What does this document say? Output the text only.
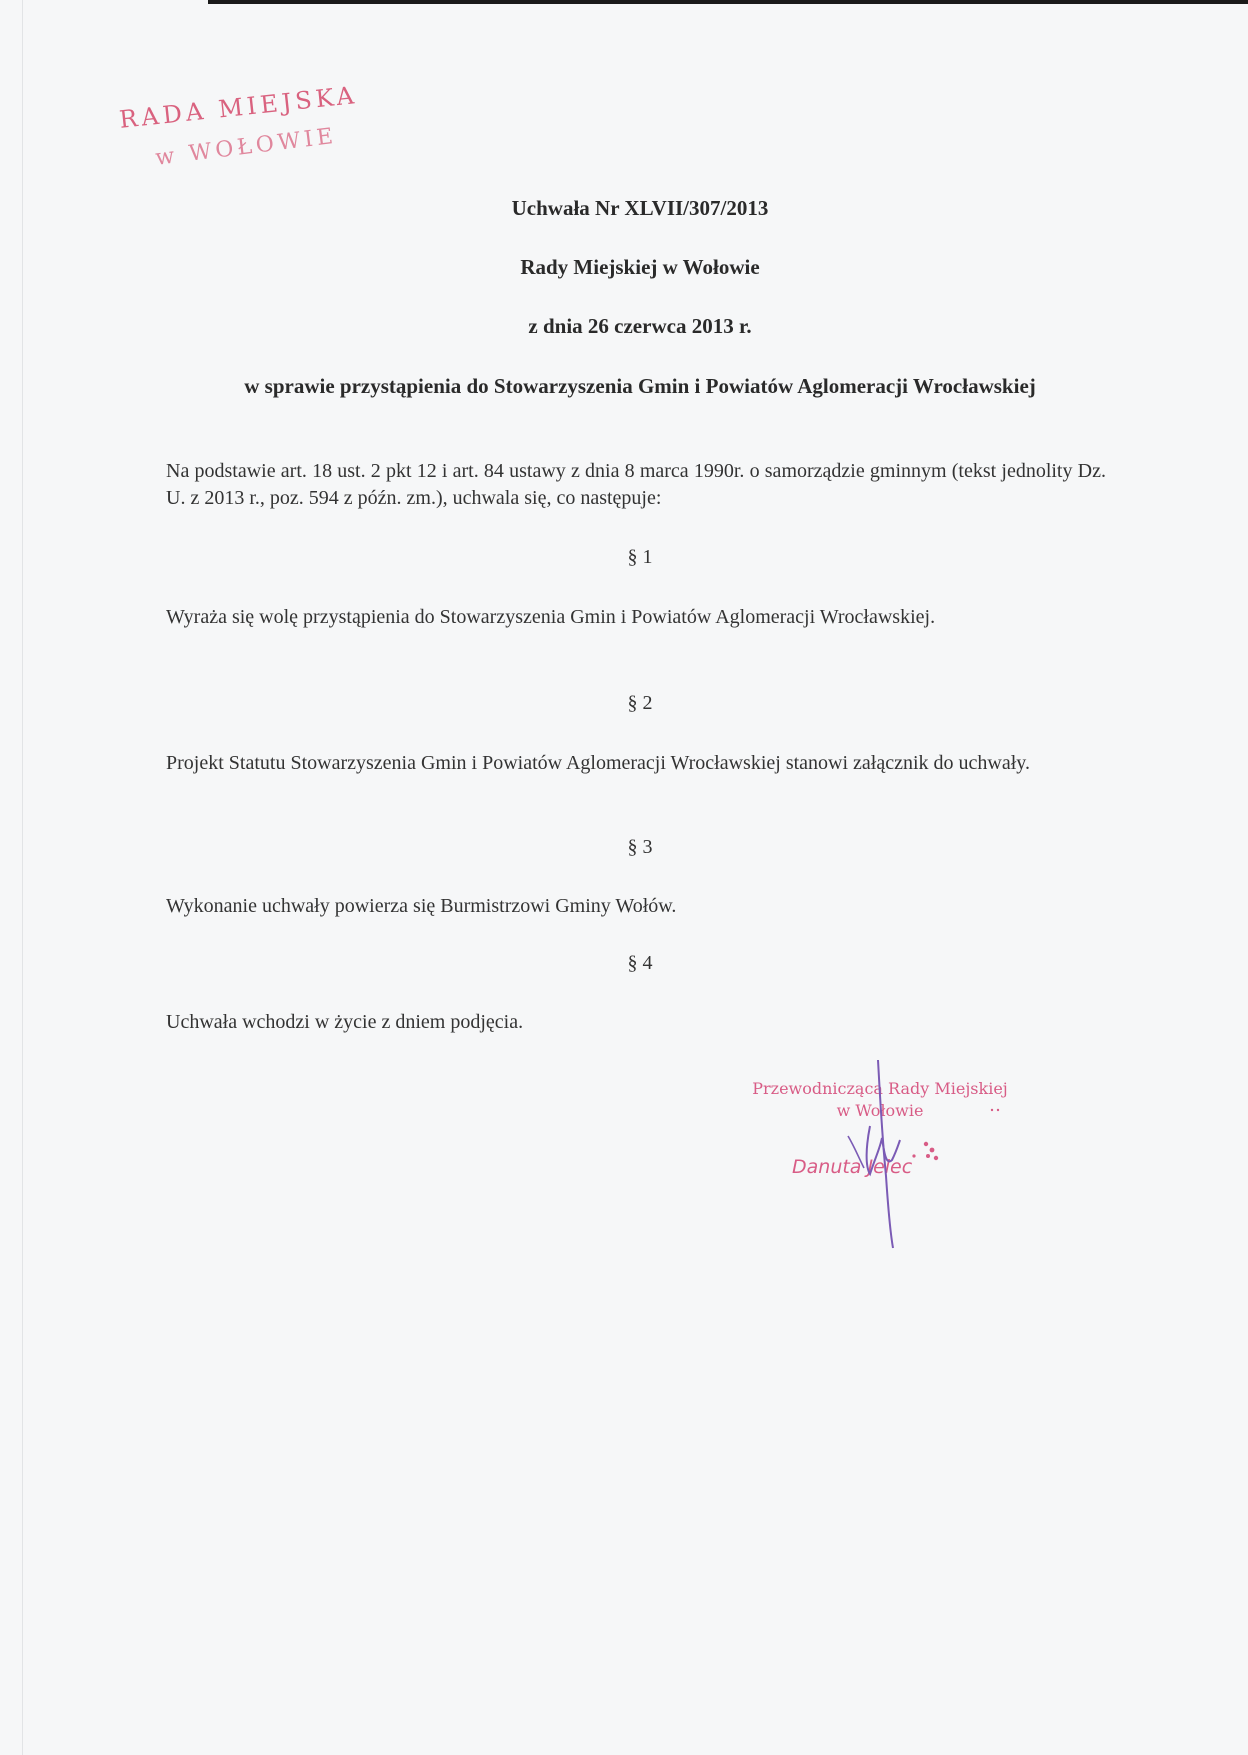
RADA MIEJSKA
w WOŁOWIE
Uchwała Nr XLVII/307/2013
Rady Miejskiej w Wołowie
z dnia 26 czerwca 2013 r.
w sprawie przystąpienia do Stowarzyszenia Gmin i Powiatów Aglomeracji Wrocławskiej
Na podstawie art. 18 ust. 2 pkt 12 i art. 84 ustawy z dnia 8 marca 1990r. o samorządzie gminnym (tekst jednolity Dz. U. z 2013 r., poz. 594 z późn. zm.), uchwala się, co następuje:
§ 1
Wyraża się wolę przystąpienia do Stowarzyszenia Gmin i Powiatów Aglomeracji Wrocławskiej.
§ 2
Projekt Statutu Stowarzyszenia Gmin i Powiatów Aglomeracji Wrocławskiej stanowi załącznik do uchwały.
§ 3
Wykonanie uchwały powierza się Burmistrzowi Gminy Wołów.
§ 4
Uchwała wchodzi w życie z dniem podjęcia.
Przewodnicząca Rady Miejskiej
w Wołowie
Danuta Jelec
